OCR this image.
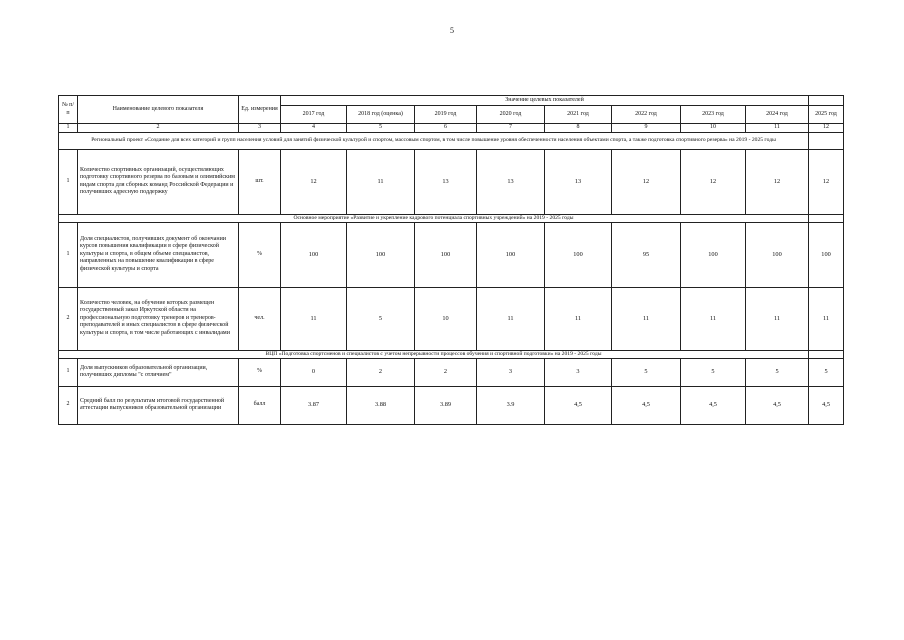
5
№ п/п	Наименование целевого показателя	Ед. измерения	Значение целевых показателей								
			2017 год	2018 год (оценка)	2019 год	2020 год	2021 год	2022 год	2023 год	2024 год	2025 год
1	2	3	4	5	6	7	8	9	10	11	12
Региональный проект «Создание для всех категорий и групп населения условий для занятий физической культурой и спортом, массовым спортом, в том числе повышение уровня обеспеченности населения объектами спорта, а также подготовка спортивного резерва» на 2019 - 2025 годы											
1	Количество спортивных организаций, осуществляющих подготовку спортивного резерва по базовым и олимпийским видам спорта для сборных команд Российской Федерации и получивших адресную поддержку	шт.	12	11	13	13	13	12	12	12	12
Основное мероприятие «Развитие и укрепление кадрового потенциала спортивных учреждений» на 2019 - 2025 годы											
1	Доля специалистов, получивших документ об окончании курсов повышения квалификации в сфере физической культуры и спорта, в общем объеме специалистов, направленных на повышение квалификации в сфере физической культуры и спорта	%	100	100	100	100	100	95	100	100	100
2	Количество человек, на обучение которых размещен государственный заказ Иркутской области на профессиональную подготовку тренеров и тренеров-преподавателей и иных специалистов в сфере физической культуры и спорта, в том числе работающих с инвалидами	чел.	11	5	10	11	11	11	11	11	11
ВЦП «Подготовка спортсменов и специалистов с учетом непрерывности процессов обучения и спортивной подготовки» на 2019 - 2025 годы											
1	Доля выпускников образовательной организации, получивших дипломы "с отличием"	%	0	2	2	3	3	5	5	5	5
2	Средний балл по результатам итоговой государственной аттестации выпускников образовательной организации	балл	3.87	3.88	3.89	3.9	4,5	4,5	4,5	4,5	4,5
